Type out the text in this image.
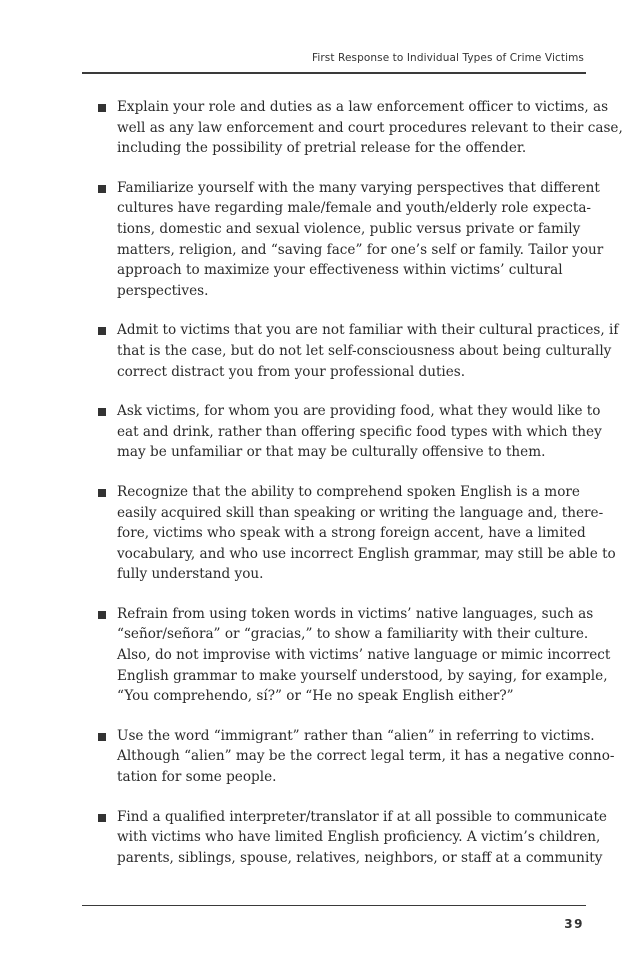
First Response to Individual Types of Crime Victims
Explain your role and duties as a law enforcement officer to victims, as
well as any law enforcement and court procedures relevant to their case,
including the possibility of pretrial release for the offender.
Familiarize yourself with the many varying perspectives that different
cultures have regarding male/female and youth/elderly role expecta-
tions, domestic and sexual violence, public versus private or family
matters, religion, and “saving face” for one’s self or family. Tailor your
approach to maximize your effectiveness within victims’ cultural
perspectives.
Admit to victims that you are not familiar with their cultural practices, if
that is the case, but do not let self-consciousness about being culturally
correct distract you from your professional duties.
Ask victims, for whom you are providing food, what they would like to
eat and drink, rather than offering specific food types with which they
may be unfamiliar or that may be culturally offensive to them.
Recognize that the ability to comprehend spoken English is a more
easily acquired skill than speaking or writing the language and, there-
fore, victims who speak with a strong foreign accent, have a limited
vocabulary, and who use incorrect English grammar, may still be able to
fully understand you.
Refrain from using token words in victims’ native languages, such as
“señor/señora” or “gracias,” to show a familiarity with their culture.
Also, do not improvise with victims’ native language or mimic incorrect
English grammar to make yourself understood, by saying, for example,
“You comprehendo, sí?” or “He no speak English either?”
Use the word “immigrant” rather than “alien” in referring to victims.
Although “alien” may be the correct legal term, it has a negative conno-
tation for some people.
Find a qualified interpreter/translator if at all possible to communicate
with victims who have limited English proficiency. A victim’s children,
parents, siblings, spouse, relatives, neighbors, or staff at a community
39
